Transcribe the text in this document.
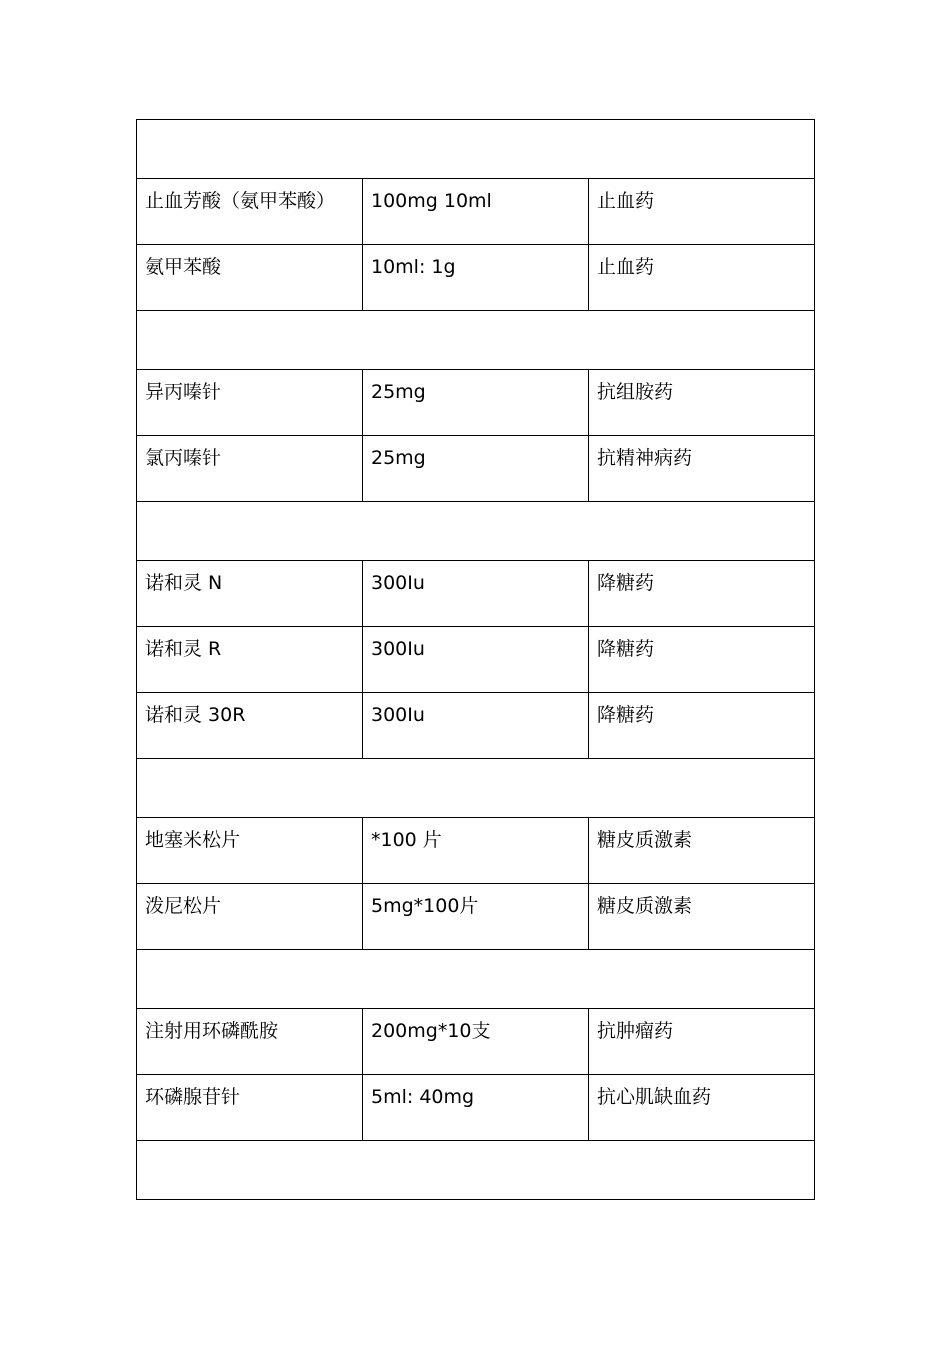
止血芳酸（氨甲苯酸）	100mg 10ml	止血药
氨甲苯酸	10ml: 1g	止血药

异丙嗪针	25mg	抗组胺药
氯丙嗪针	25mg	抗精神病药

诺和灵 N	300Ⅰu	降糖药
诺和灵 R	300Ⅰu	降糖药
诺和灵 30R	300Ⅰu	降糖药

地塞米松片	*100 片	糖皮质激素
泼尼松片	5mg*100片	糖皮质激素

注射用环磷酰胺	200mg*10支	抗肿瘤药
环磷腺苷针	5ml: 40mg	抗心肌缺血药
